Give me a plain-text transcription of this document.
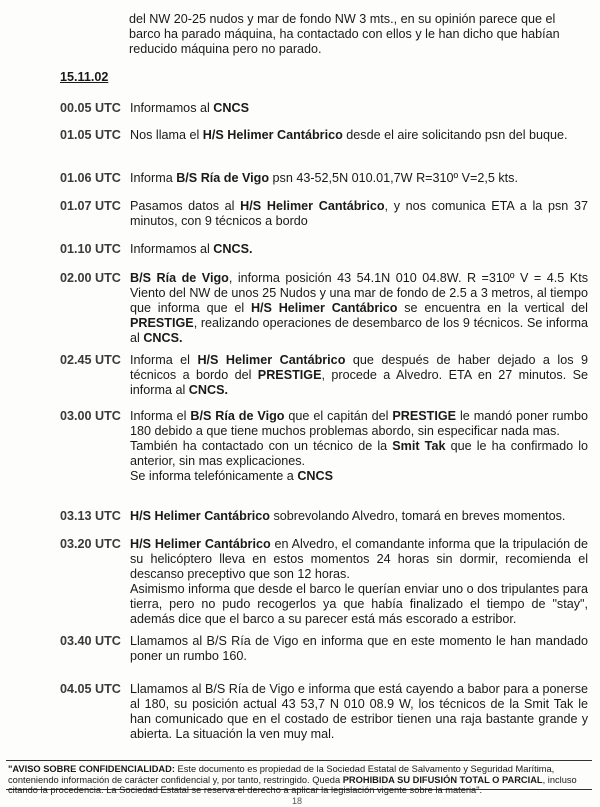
del NW 20-25 nudos y mar de fondo NW 3 mts., en su opinión parece que el barco ha parado máquina, ha contactado con ellos y le han dicho que habían reducido máquina pero no parado.
15.11.02
00.05 UTC Informamos al CNCS
01.05 UTC Nos llama el H/S Helimer Cantábrico desde el aire solicitando psn del buque.
01.06 UTC Informa B/S Ría de Vigo psn 43-52,5N 010.01,7W R=310º V=2,5 kts.
01.07 UTC Pasamos datos al H/S Helimer Cantábrico, y nos comunica ETA a la psn 37 minutos, con 9 técnicos a bordo
01.10 UTC Informamos al CNCS.
02.00 UTC B/S Ría de Vigo, informa posición 43 54.1N 010 04.8W. R =310º V = 4.5 Kts Viento del NW de unos 25 Nudos y una mar de fondo de 2.5 a 3 metros, al tiempo que informa que el H/S Helimer Cantábrico se encuentra en la vertical del PRESTIGE, realizando operaciones de desembarco de los 9 técnicos. Se informa al CNCS.
02.45 UTC Informa el H/S Helimer Cantábrico que después de haber dejado a los 9 técnicos a bordo del PRESTIGE, procede a Alvedro. ETA en 27 minutos. Se informa al CNCS.
03.00 UTC Informa el B/S Ría de Vigo que el capitán del PRESTIGE le mandó poner rumbo 180 debido a que tiene muchos problemas abordo, sin especificar nada mas.
También ha contactado con un técnico de la Smit Tak que le ha confirmado lo anterior, sin mas explicaciones.
Se informa telefónicamente a CNCS
03.13 UTC H/S Helimer Cantábrico sobrevolando Alvedro, tomará en breves momentos.
03.20 UTC H/S Helimer Cantábrico en Alvedro, el comandante informa que la tripulación de su helicóptero lleva en estos momentos 24 horas sin dormir, recomienda el descanso preceptivo que son 12 horas.
Asimismo informa que desde el barco le querían enviar uno o dos tripulantes para tierra, pero no pudo recogerlos ya que había finalizado el tiempo de "stay", además dice que el barco a su parecer está más escorado a estribor.
03.40 UTC Llamamos al B/S Ría de Vigo en informa que en este momento le han mandado poner un rumbo 160.
04.05 UTC Llamamos al B/S Ría de Vigo e informa que está cayendo a babor para a ponerse al 180, su posición actual 43 53,7 N 010 08.9 W, los técnicos de la Smit Tak le han comunicado que en el costado de estribor tienen una raja bastante grande y abierta. La situación la ven muy mal.
"AVISO SOBRE CONFIDENCIALIDAD: Este documento es propiedad de la Sociedad Estatal de Salvamento y Seguridad Marítima, conteniendo información de carácter confidencial y, por tanto, restringido. Queda PROHIBIDA SU DIFUSIÓN TOTAL O PARCIAL, incluso citando la procedencia. La Sociedad Estatal se reserva el derecho a aplicar la legislación vigente sobre la materia".
18
